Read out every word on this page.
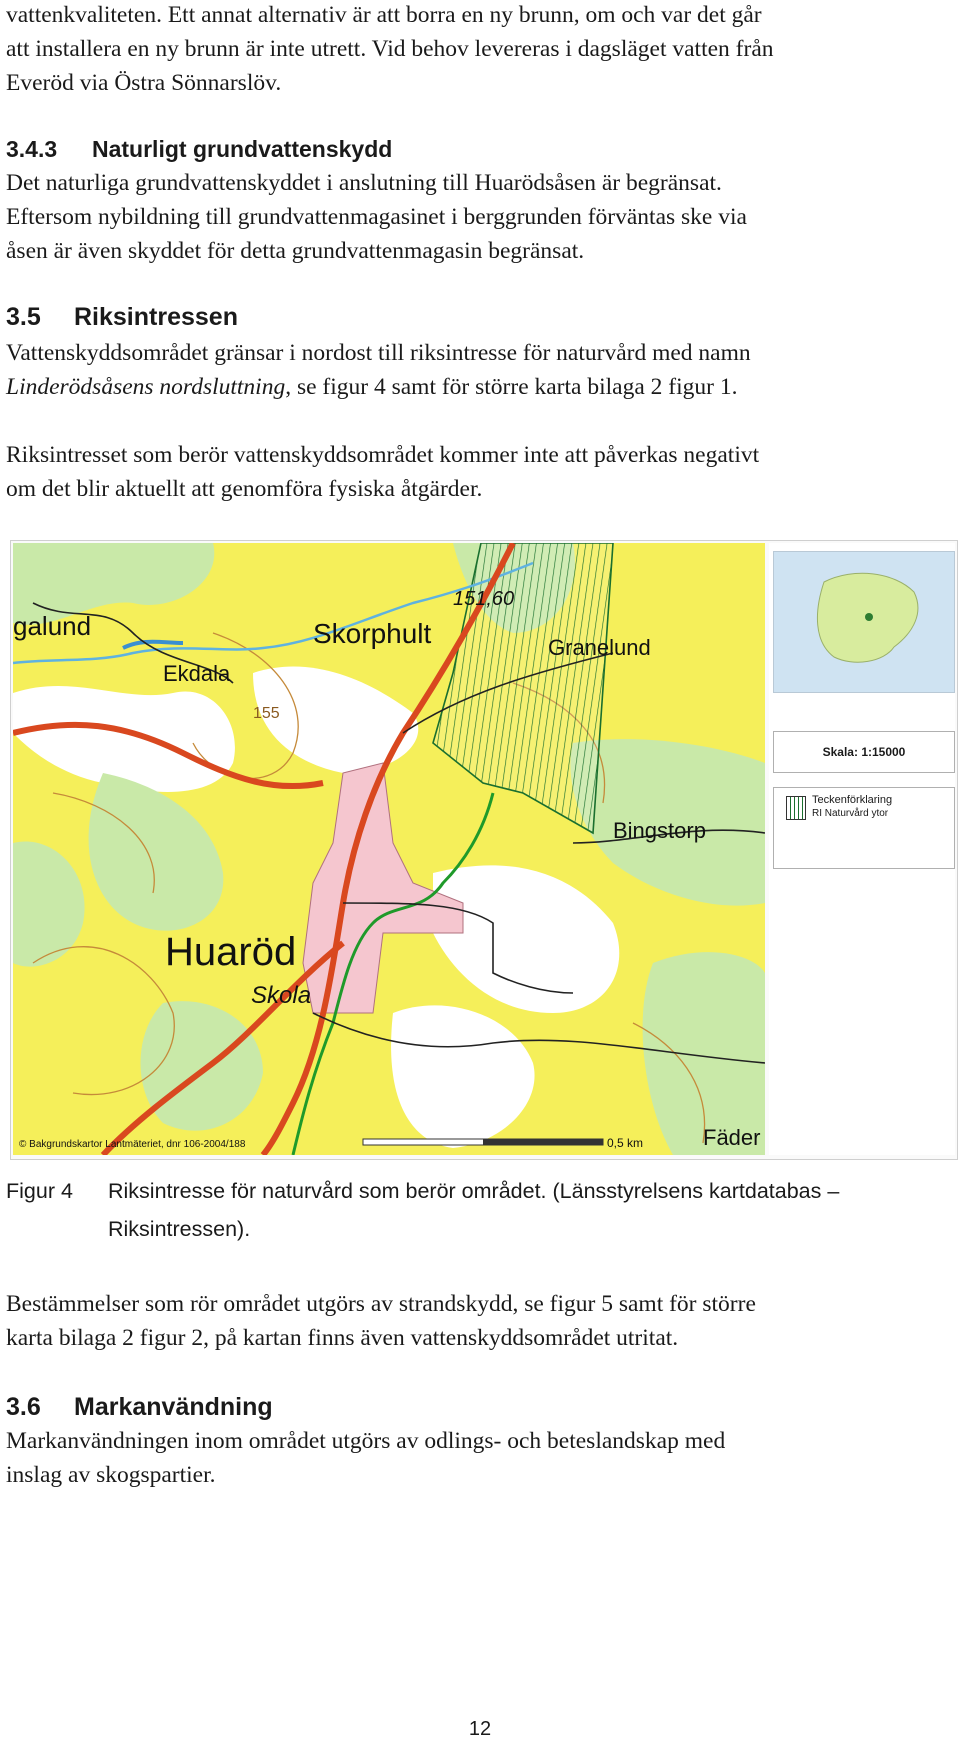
vattenkvaliteten. Ett annat alternativ är att borra en ny brunn, om och var det går

att installera en ny brunn är inte utrett. Vid behov levereras i dagsläget vatten från

Everöd via Östra Sönnarslöv.

3.4.3 Naturligt grundvattenskydd

Det naturliga grundvattenskyddet i anslutning till Huarödsåsen är begränsat.

Eftersom nybildning till grundvattenmagasinet i berggrunden förväntas ske via

åsen är även skyddet för detta grundvattenmagasin begränsat.

3.5 Riksintressen

Vattenskyddsområdet gränsar i nordost till riksintresse för naturvård med namn

Linderödsåsens nordsluttning, se figur 4 samt för större karta bilaga 2 figur 1.

Riksintresset som berör vattenskyddsområdet kommer inte att påverkas negativt

om det blir aktuellt att genomföra fysiska åtgärder.

galund	Skorphult	Granelund
Ekdala
Huaröd
Skola
Bingstorp
Fäder
151,60
155
© Bakgrundskartor Lantmäteriet, dnr 106-2004/188	0,5 km
Skala: 1:15000
Teckenförklaring
RI Naturvård ytor
Figur 4 Riksintresse för naturvård som berör området. (Länsstyrelsens kartdatabas –
Riksintressen).

Bestämmelser som rör området utgörs av strandskydd, se figur 5 samt för större

karta bilaga 2 figur 2, på kartan finns även vattenskyddsområdet utritat.

3.6 Markanvändning

Markanvändningen inom området utgörs av odlings- och beteslandskap med

inslag av skogspartier.

12
